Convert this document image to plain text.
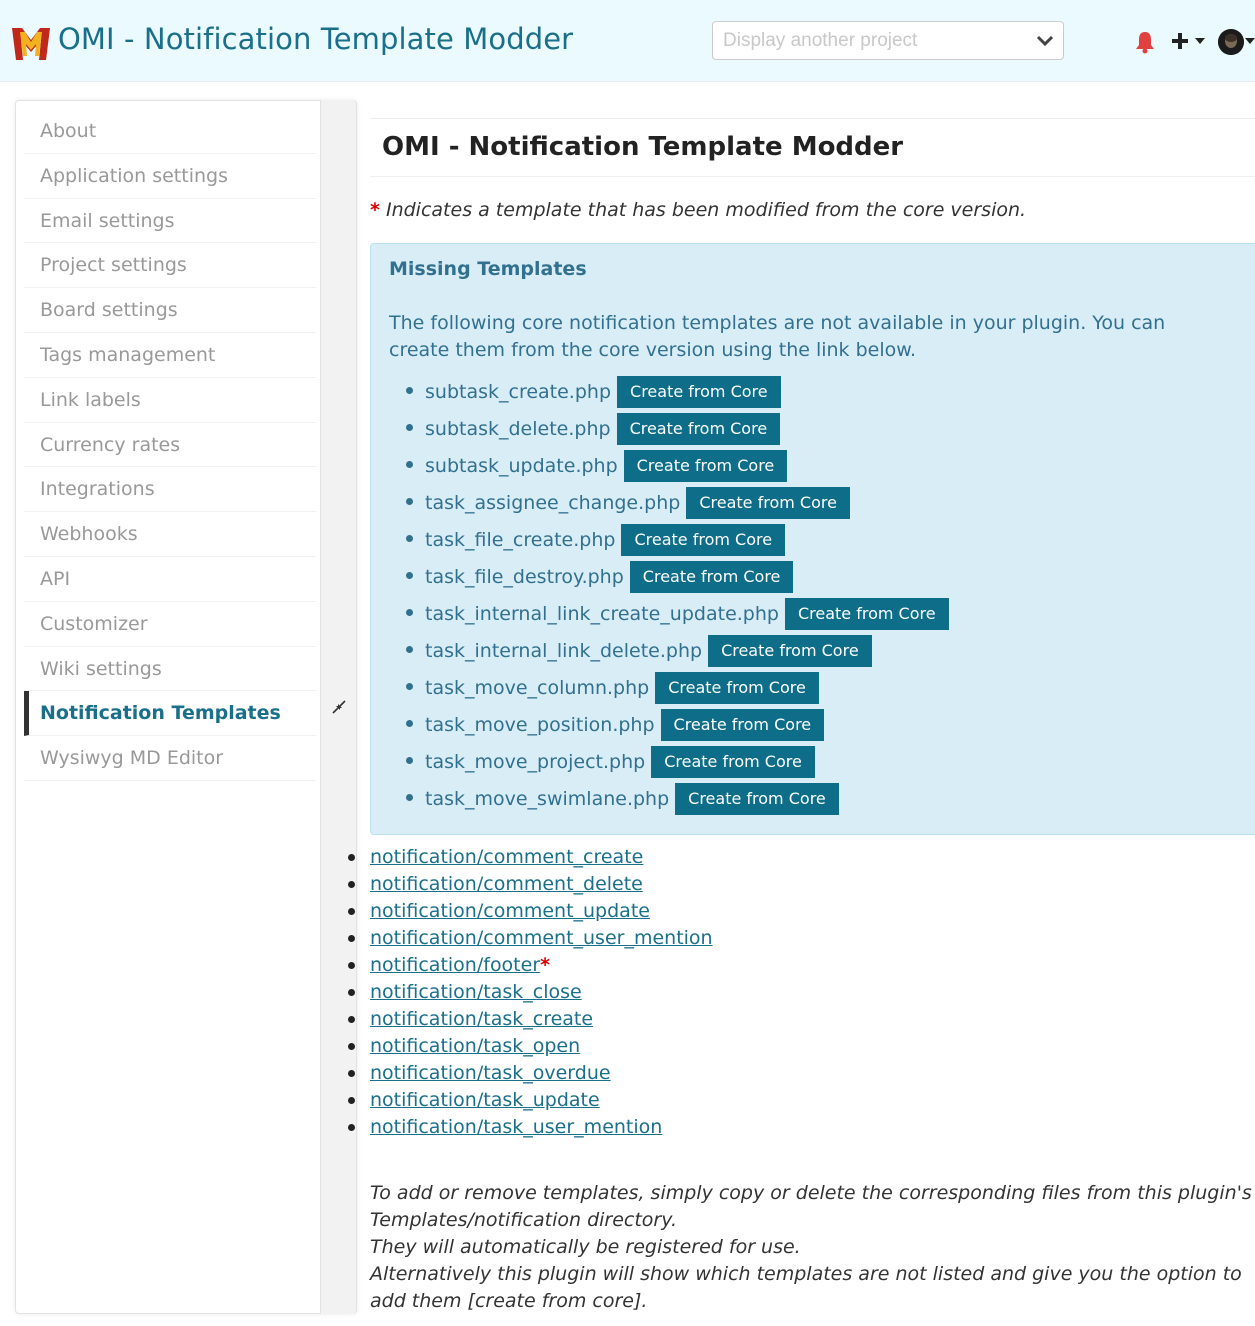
OMI - Notification Template Modder	Display another project
About
Application settings
Email settings
Project settings
Board settings
Tags management
Link labels
Currency rates
Integrations
Webhooks
API
Customizer
Wiki settings
Notification Templates
Wysiwyg MD Editor
OMI - Notification Template Modder
* Indicates a template that has been modified from the core version.
Missing Templates
The following core notification templates are not available in your plugin. You can create them from the core version using the link below.
subtask_create.php	Create from Core
subtask_delete.php	Create from Core
subtask_update.php	Create from Core
task_assignee_change.php	Create from Core
task_file_create.php	Create from Core
task_file_destroy.php	Create from Core
task_internal_link_create_update.php	Create from Core
task_internal_link_delete.php	Create from Core
task_move_column.php	Create from Core
task_move_position.php	Create from Core
task_move_project.php	Create from Core
task_move_swimlane.php	Create from Core
notification/comment_create
notification/comment_delete
notification/comment_update
notification/comment_user_mention
notification/footer*
notification/task_close
notification/task_create
notification/task_open
notification/task_overdue
notification/task_update
notification/task_user_mention
To add or remove templates, simply copy or delete the corresponding files from this plugin's Templates/notification directory.
They will automatically be registered for use.
Alternatively this plugin will show which templates are not listed and give you the option to add them [create from core].
